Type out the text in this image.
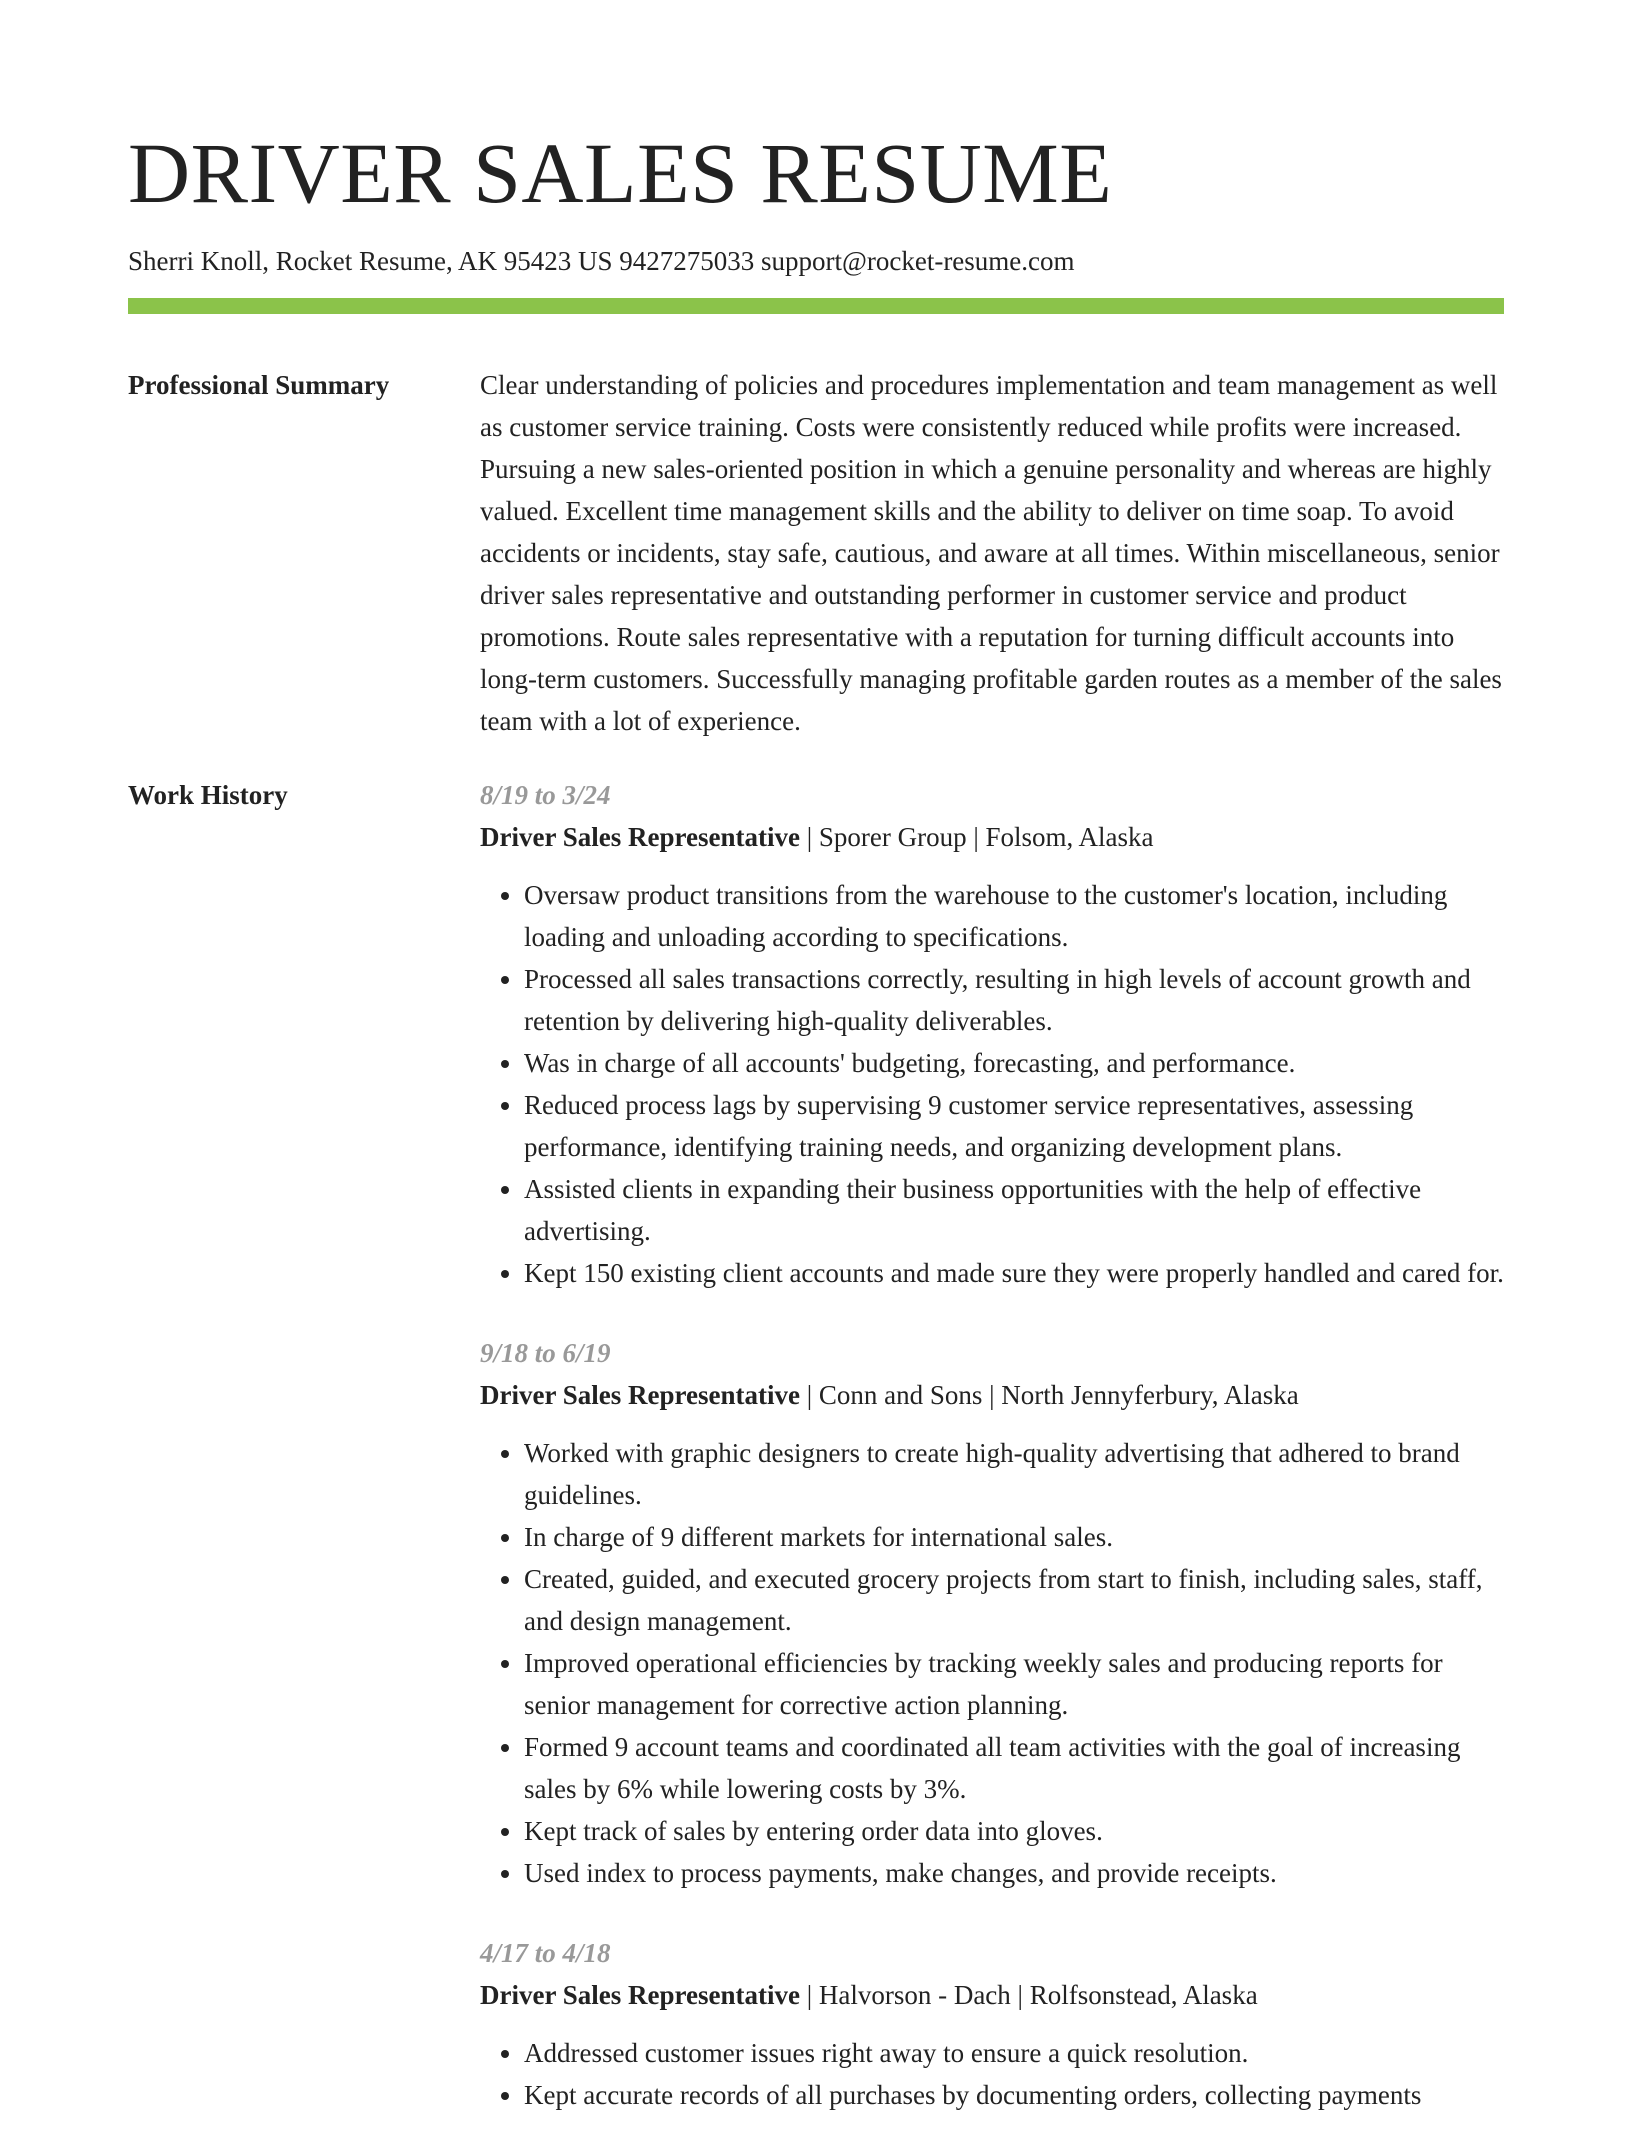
DRIVER SALES RESUME
Sherri Knoll, Rocket Resume, AK 95423 US 9427275033 support@rocket-resume.com
Professional Summary	Clear understanding of policies and procedures implementation and team management as well as customer service training. Costs were consistently reduced while profits were increased. Pursuing a new sales-oriented position in which a genuine personality and whereas are highly valued. Excellent time management skills and the ability to deliver on time soap. To avoid accidents or incidents, stay safe, cautious, and aware at all times. Within miscellaneous, senior driver sales representative and outstanding performer in customer service and product promotions. Route sales representative with a reputation for turning difficult accounts into long-term customers. Successfully managing profitable garden routes as a member of the sales team with a lot of experience.

Work History	8/19 to 3/24
Driver Sales Representative | Sporer Group | Folsom, Alaska
• Oversaw product transitions from the warehouse to the customer's location, including loading and unloading according to specifications.
• Processed all sales transactions correctly, resulting in high levels of account growth and retention by delivering high-quality deliverables.
• Was in charge of all accounts' budgeting, forecasting, and performance.
• Reduced process lags by supervising 9 customer service representatives, assessing performance, identifying training needs, and organizing development plans.
• Assisted clients in expanding their business opportunities with the help of effective advertising.
• Kept 150 existing client accounts and made sure they were properly handled and cared for.
9/18 to 6/19
Driver Sales Representative | Conn and Sons | North Jennyferbury, Alaska
• Worked with graphic designers to create high-quality advertising that adhered to brand guidelines.
• In charge of 9 different markets for international sales.
• Created, guided, and executed grocery projects from start to finish, including sales, staff, and design management.
• Improved operational efficiencies by tracking weekly sales and producing reports for senior management for corrective action planning.
• Formed 9 account teams and coordinated all team activities with the goal of increasing sales by 6% while lowering costs by 3%.
• Kept track of sales by entering order data into gloves.
• Used index to process payments, make changes, and provide receipts.
4/17 to 4/18
Driver Sales Representative | Halvorson - Dach | Rolfsonstead, Alaska
• Addressed customer issues right away to ensure a quick resolution.
• Kept accurate records of all purchases by documenting orders, collecting payments
